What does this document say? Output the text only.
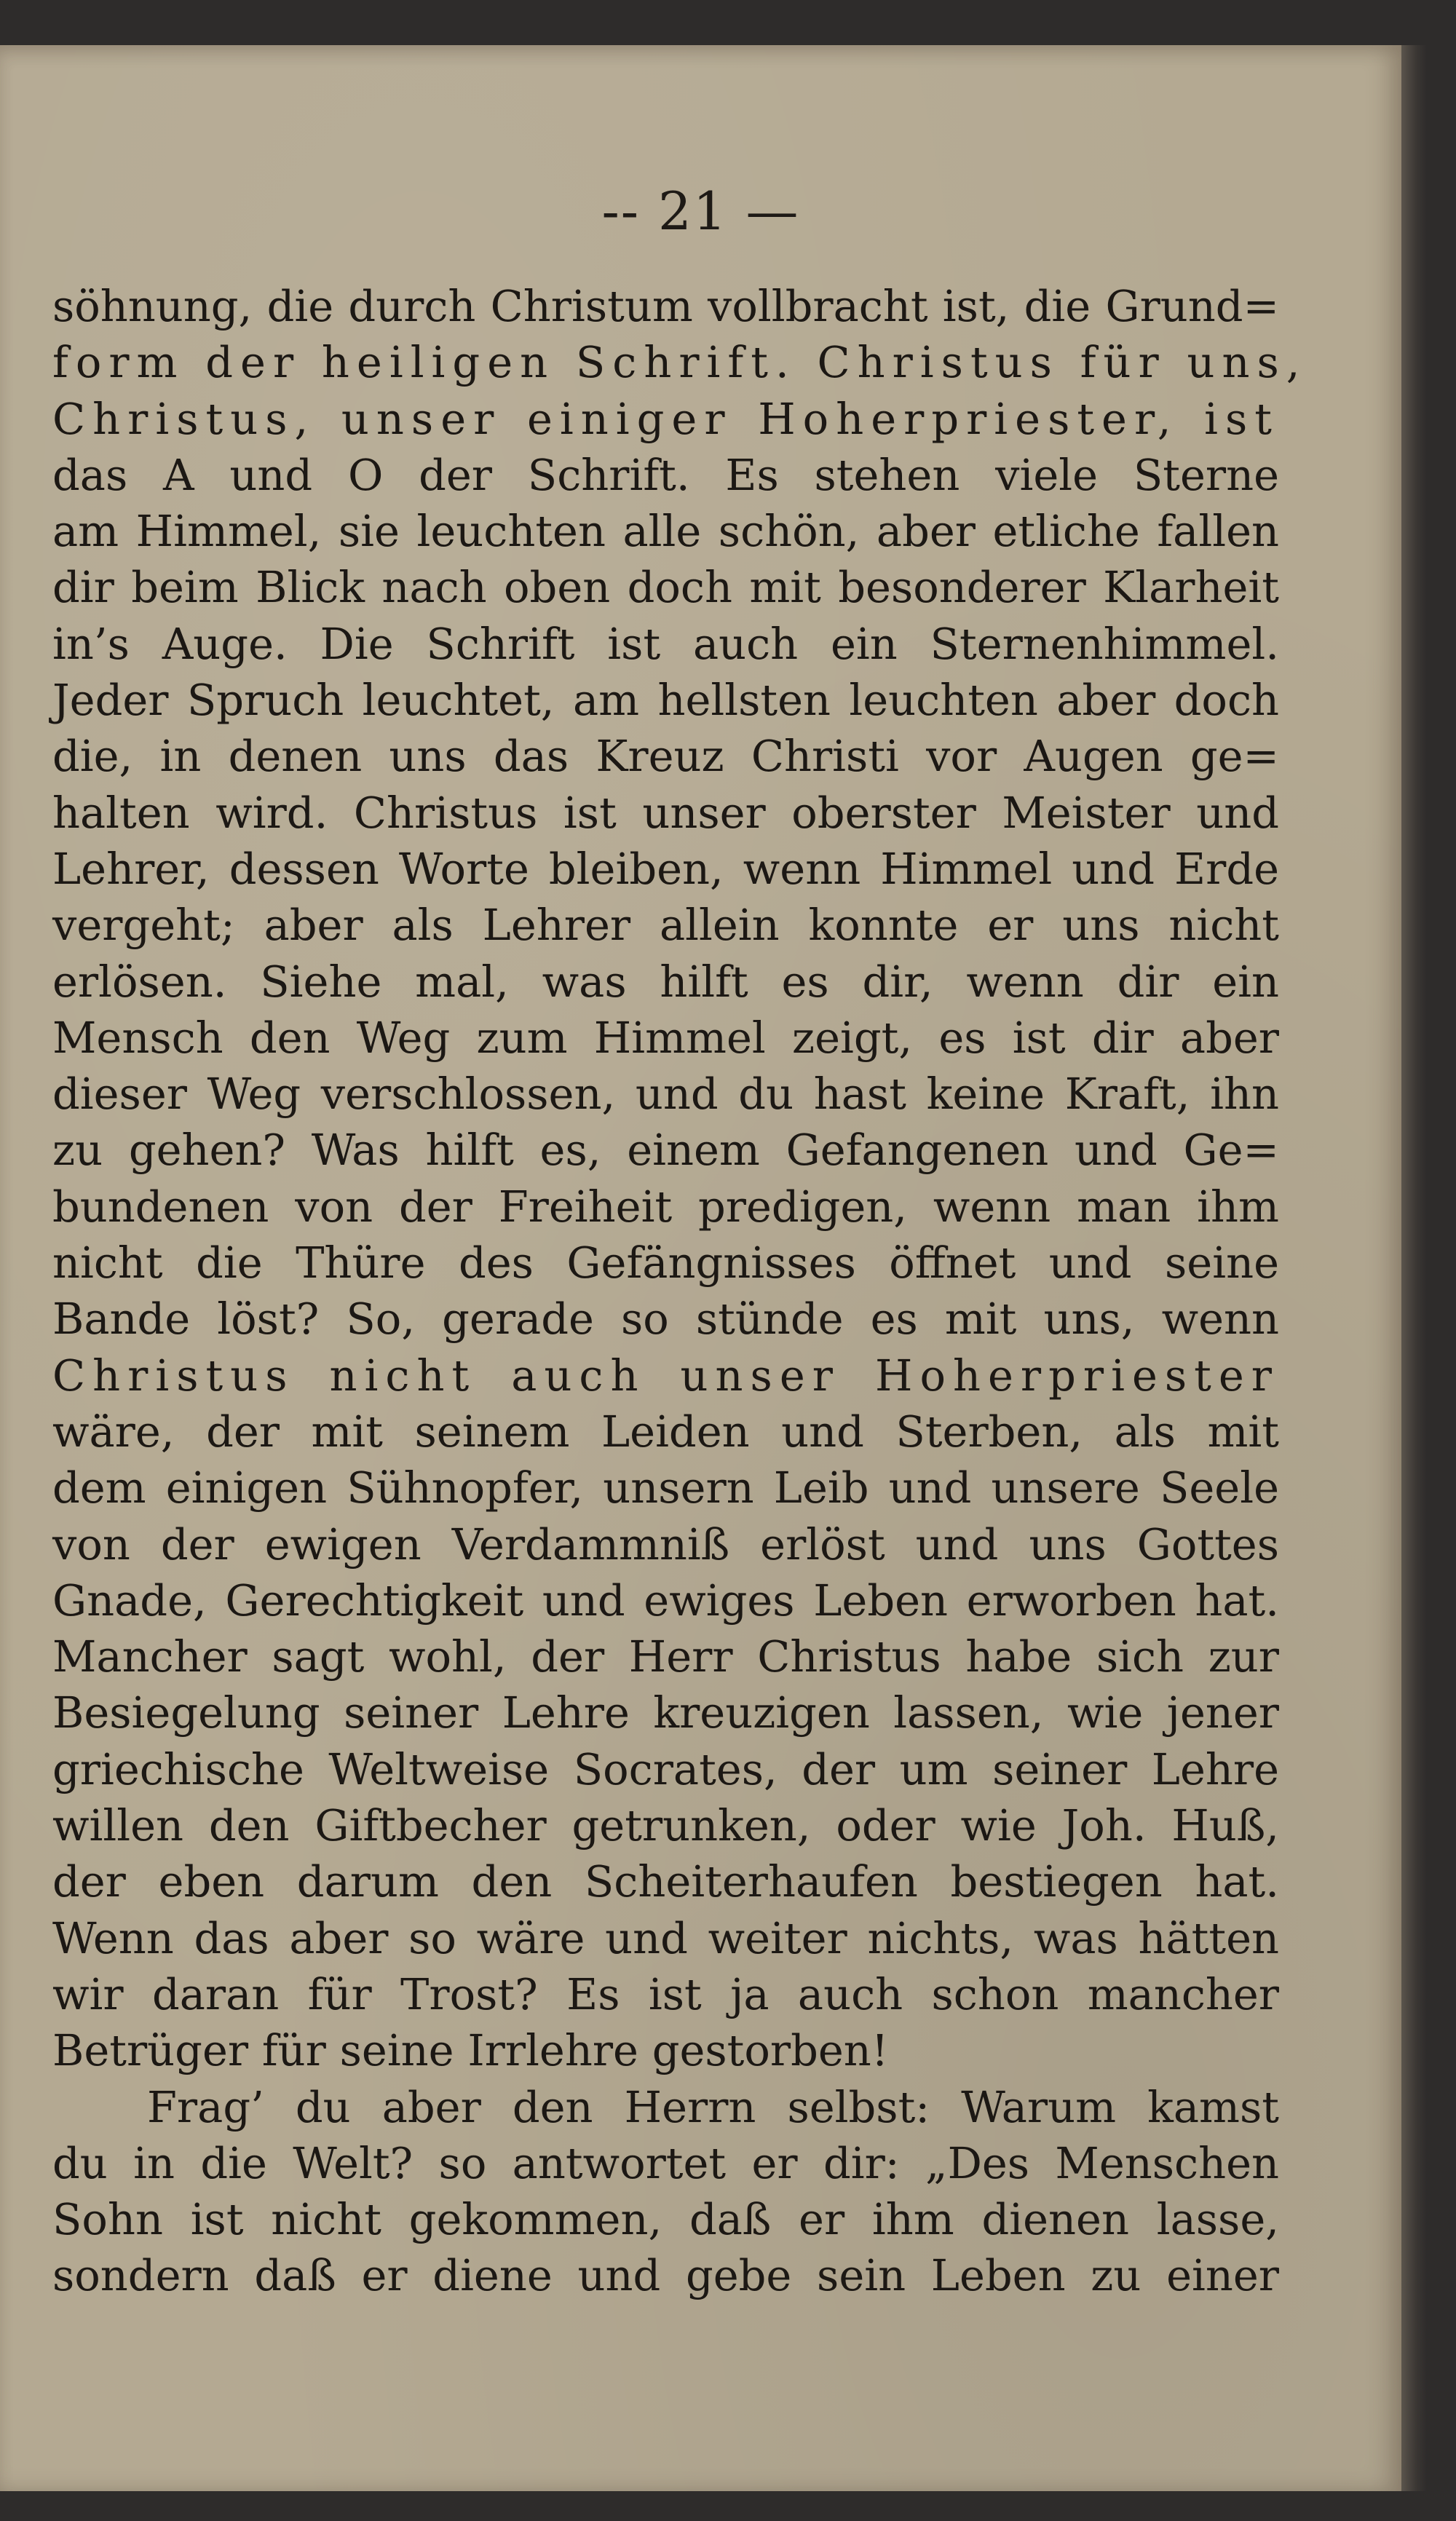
-- 21 —
söhnung, die durch Christum vollbracht ist, die Grund=
form der heiligen Schrift. Christus für uns,
Christus, unser einiger Hoherpriester, ist
das A und O der Schrift. Es stehen viele Sterne
am Himmel, sie leuchten alle schön, aber etliche fallen
dir beim Blick nach oben doch mit besonderer Klarheit
in’s Auge. Die Schrift ist auch ein Sternenhimmel.
Jeder Spruch leuchtet, am hellsten leuchten aber doch
die, in denen uns das Kreuz Christi vor Augen ge=
halten wird. Christus ist unser oberster Meister und
Lehrer, dessen Worte bleiben, wenn Himmel und Erde
vergeht; aber als Lehrer allein konnte er uns nicht
erlösen. Siehe mal, was hilft es dir, wenn dir ein
Mensch den Weg zum Himmel zeigt, es ist dir aber
dieser Weg verschlossen, und du hast keine Kraft, ihn
zu gehen? Was hilft es, einem Gefangenen und Ge=
bundenen von der Freiheit predigen, wenn man ihm
nicht die Thüre des Gefängnisses öffnet und seine
Bande löst? So, gerade so stünde es mit uns, wenn
Christus nicht auch unser Hoherpriester
wäre, der mit seinem Leiden und Sterben, als mit
dem einigen Sühnopfer, unsern Leib und unsere Seele
von der ewigen Verdammniß erlöst und uns Gottes
Gnade, Gerechtigkeit und ewiges Leben erworben hat.
Mancher sagt wohl, der Herr Christus habe sich zur
Besiegelung seiner Lehre kreuzigen lassen, wie jener
griechische Weltweise Socrates, der um seiner Lehre
willen den Giftbecher getrunken, oder wie Joh. Huß,
der eben darum den Scheiterhaufen bestiegen hat.
Wenn das aber so wäre und weiter nichts, was hätten
wir daran für Trost? Es ist ja auch schon mancher
Betrüger für seine Irrlehre gestorben!
Frag’ du aber den Herrn selbst: Warum kamst
du in die Welt? so antwortet er dir: „Des Menschen
Sohn ist nicht gekommen, daß er ihm dienen lasse,
sondern daß er diene und gebe sein Leben zu einer
